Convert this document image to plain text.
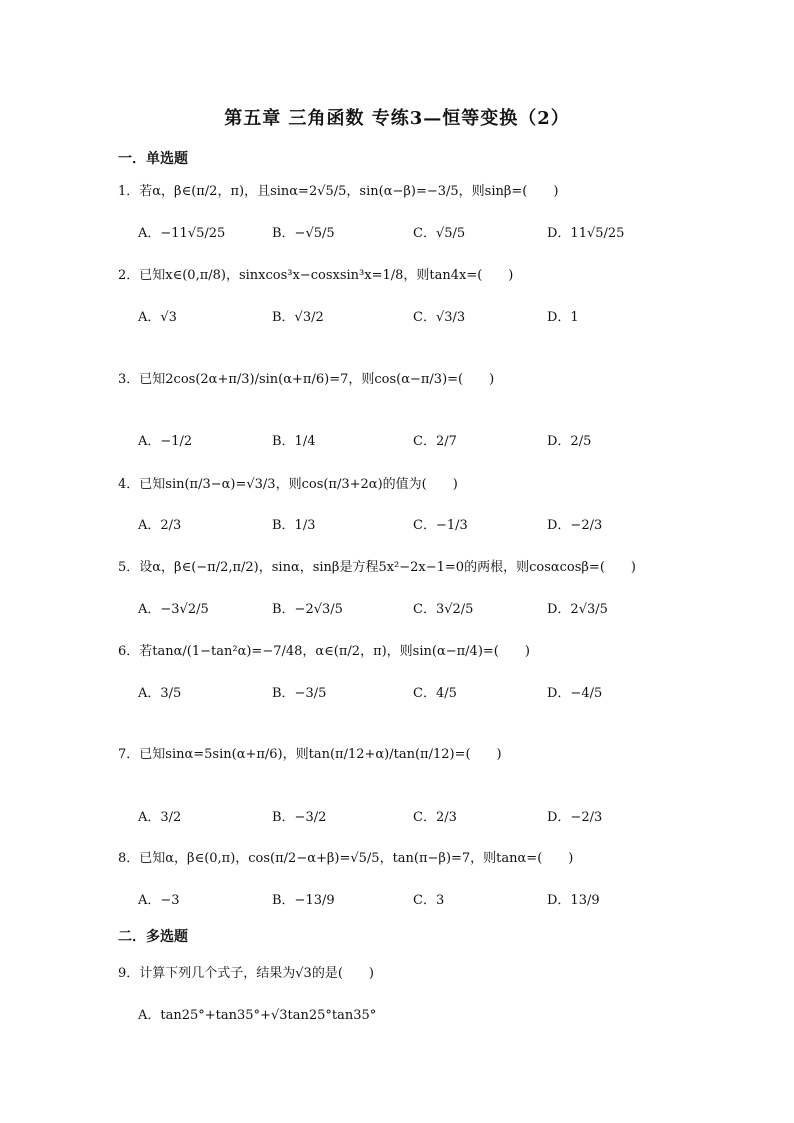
第五章 三角函数 专练3—恒等变换（2）
一．单选题
1．若α，β∈(π/2，π)，且sinα=2√5/5，sin(α−β)=−3/5，则sinβ=(　　)
A．−11√5/25	B．−√5/5	C．√5/5	D．11√5/25
2．已知x∈(0,π/8)，sinxcos³x−cosxsin³x=1/8，则tan4x=(　　)
A．√3	B．√3/2	C．√3/3	D．1
3．已知2cos(2α+π/3)/sin(α+π/6)=7，则cos(α−π/3)=(　　)
A．−1/2	B．1/4	C．2/7	D．2/5
4．已知sin(π/3−α)=√3/3，则cos(π/3+2α)的值为(　　)
A．2/3	B．1/3	C．−1/3	D．−2/3
5．设α，β∈(−π/2,π/2)，sinα，sinβ是方程5x²−2x−1=0的两根，则cosαcosβ=(　　)
A．−3√2/5	B．−2√3/5	C．3√2/5	D．2√3/5
6．若tanα/(1−tan²α)=−7/48，α∈(π/2，π)，则sin(α−π/4)=(　　)
A．3/5	B．−3/5	C．4/5	D．−4/5
7．已知sinα=5sin(α+π/6)，则tan(π/12+α)/tan(π/12)=(　　)
A．3/2	B．−3/2	C．2/3	D．−2/3
8．已知α，β∈(0,π)，cos(π/2−α+β)=√5/5，tan(π−β)=7，则tanα=(　　)
A．−3	B．−13/9	C．3	D．13/9
二．多选题
9．计算下列几个式子，结果为√3的是(　　)
A．tan25°+tan35°+√3tan25°tan35°
